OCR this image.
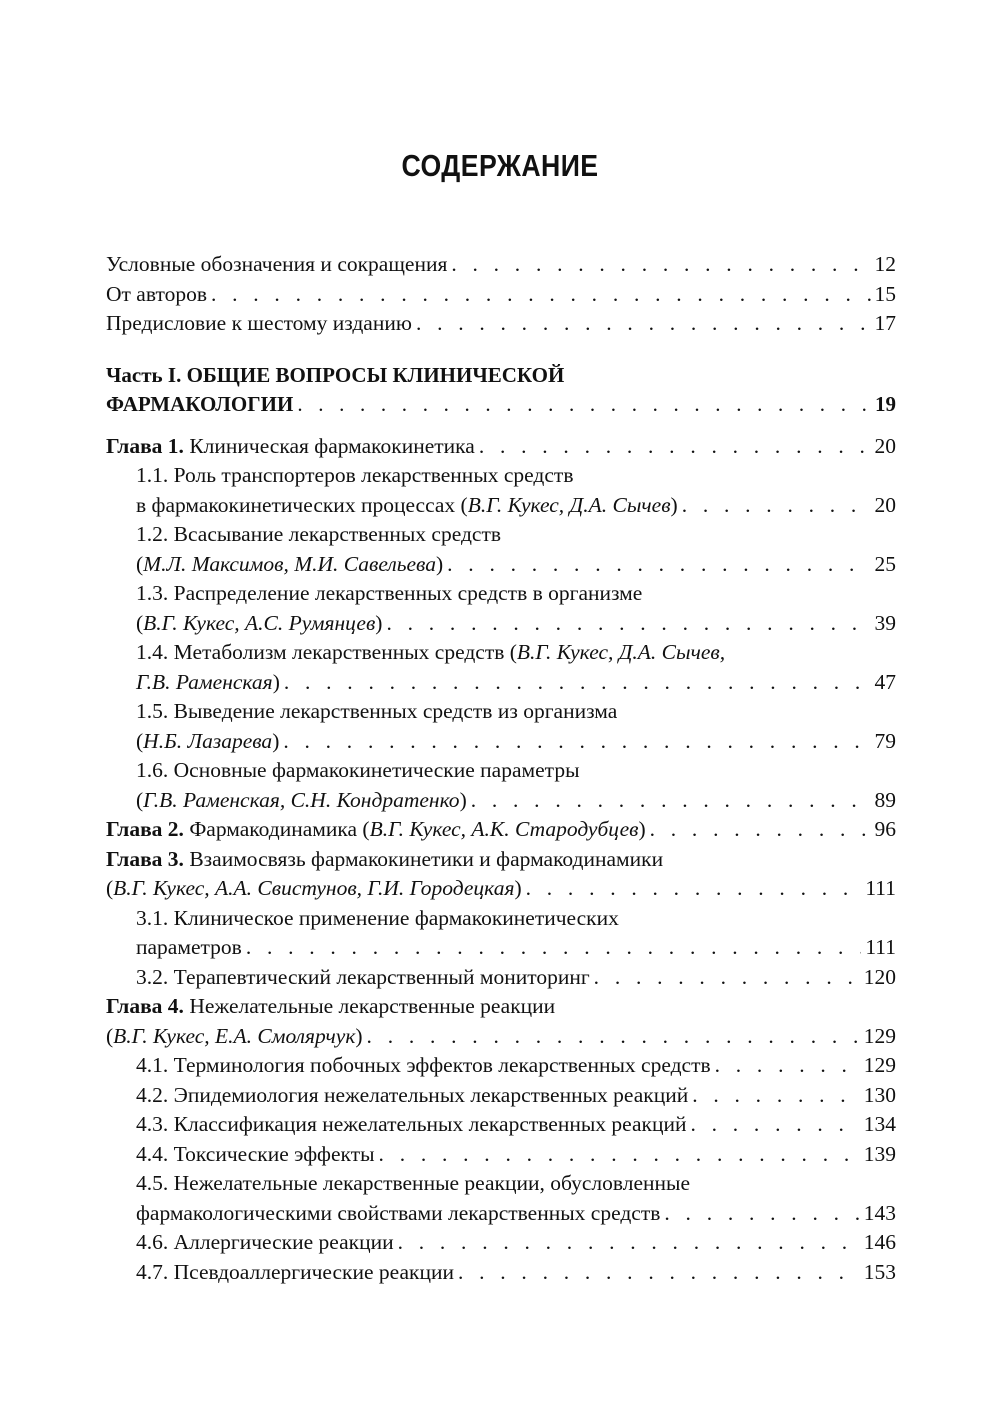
СОДЕРЖАНИЕ
Условные обозначения и сокращения . . .	12
От авторов . . .	15
Предисловие к шестому изданию . . .	17
Часть I. ОБЩИЕ ВОПРОСЫ КЛИНИЧЕСКОЙ
ФАРМАКОЛОГИИ . . .	19
Глава 1. Клиническая фармакокинетика . . .	20
1.1. Роль транспортеров лекарственных средств
в фармакокинетических процессах (В.Г. Кукес, Д.А. Сычев) . . .	20
1.2. Всасывание лекарственных средств
(М.Л. Максимов, М.И. Савельева) . . .	25
1.3. Распределение лекарственных средств в организме
(В.Г. Кукес, А.С. Румянцев) . . .	39
1.4. Метаболизм лекарственных средств (В.Г. Кукес, Д.А. Сычев,
Г.В. Раменская) . . .	47
1.5. Выведение лекарственных средств из организма
(Н.Б. Лазарева) . . .	79
1.6. Основные фармакокинетические параметры
(Г.В. Раменская, С.Н. Кондратенко) . . .	89
Глава 2. Фармакодинамика (В.Г. Кукес, А.К. Стародубцев) . . .	96
Глава 3. Взаимосвязь фармакокинетики и фармакодинамики
(В.Г. Кукес, А.А. Свистунов, Г.И. Городецкая) . . .	111
3.1. Клиническое применение фармакокинетических
параметров . . .	111
3.2. Терапевтический лекарственный мониторинг . . .	120
Глава 4. Нежелательные лекарственные реакции
(В.Г. Кукес, Е.А. Смолярчук) . . .	129
4.1. Терминология побочных эффектов лекарственных средств . . .	129
4.2. Эпидемиология нежелательных лекарственных реакций . . .	130
4.3. Классификация нежелательных лекарственных реакций . . .	134
4.4. Токсические эффекты . . .	139
4.5. Нежелательные лекарственные реакции, обусловленные
фармакологическими свойствами лекарственных средств . . .	143
4.6. Аллергические реакции . . .	146
4.7. Псевдоаллергические реакции . . .	153
